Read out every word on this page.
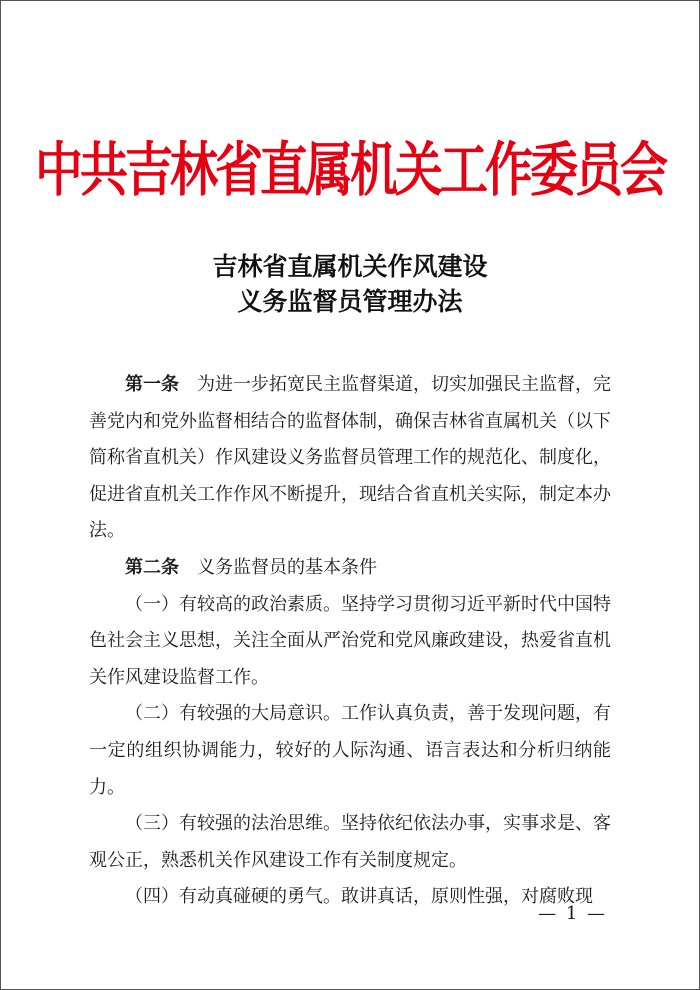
中共吉林省直属机关工作委员会
吉林省直属机关作风建设
义务监督员管理办法

第一条 为进一步拓宽民主监督渠道，切实加强民主监督，完善党内和党外监督相结合的监督体制，确保吉林省直属机关（以下简称省直机关）作风建设义务监督员管理工作的规范化、制度化，促进省直机关工作作风不断提升，现结合省直机关实际，制定本办法。

第二条 义务监督员的基本条件

（一）有较高的政治素质。坚持学习贯彻习近平新时代中国特色社会主义思想，关注全面从严治党和党风廉政建设，热爱省直机关作风建设监督工作。

（二）有较强的大局意识。工作认真负责，善于发现问题，有一定的组织协调能力，较好的人际沟通、语言表达和分析归纳能力。

（三）有较强的法治思维。坚持依纪依法办事，实事求是、客观公正，熟悉机关作风建设工作有关制度规定。

（四）有动真碰硬的勇气。敢讲真话，原则性强，对腐败现

— 1 —
